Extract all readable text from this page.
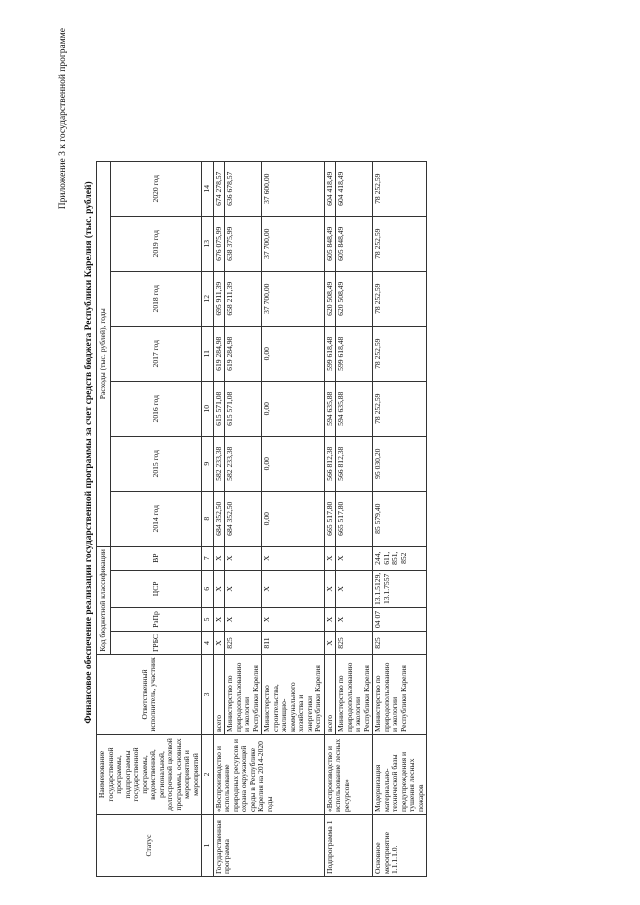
Приложение 3 к государственной программе
Финансовое обеспечение реализации государственной программы за счет средств бюджета Республики Карелия (тыс. рублей)
Статус	Наименование государственной программы, подпрограммы государственной программы, ведомственной, региональной, долгосрочной целевой программы, основных мероприятий и мероприятий	Ответственный исполнитель, участник	Код бюджетной классификации				Расходы (тыс. рублей), годы						
			ГРБС	РзПр	ЦСР	ВР	2014 год	2015 год	2016 год	2017 год	2018 год	2019 год	2020 год

1	2	3	4	5	6	7	8	9	10	11	12	13	14
Государственная программа	«Воспроизводство и использование природных ресурсов и охрана окружающей среды в Республике Карелия на 2014-2020 годы	всего	X	X	X	X	684 352,50	582 233,38	615 571,08	619 284,98	695 911,39	676 075,99	674 278,57
		Министерство по природопользованию и экологии Республики Карелия	825	X	X	X	684 352,50	582 233,38	615 571,08	619 284,98	658 211,39	638 375,99	636 678,57
		Министерство строительства, жилищно-коммунального хозяйства и энергетики Республики Карелия	811	X	X	X	0,00	0,00	0,00	0,00	37 700,00	37 700,00	37 600,00
Подпрограмма 1	«Воспроизводство и использование лесных ресурсов»	всего	X	X	X	X	665 517,80	566 812,38	594 635,88	599 618,48	620 508,49	605 848,49	604 418,49
		Министерство по природопользованию и экологии Республики Карелия	825	X	X	X	665 517,80	566 812,38	594 635,88	599 618,48	620 508,49	605 848,49	604 418,49
Основное мероприятие 1.1.1.1.0.	Модернизация материально-технической базы предупреждения и тушения лесных пожаров	Министерство по природопользованию и экологии Республики Карелия	825	04 07	13.1.5129, 13.1.7557	244, 611, 851, 852	85 579,40	95 030,20	78 252,59	78 252,59	78 252,59	78 252,59	78 252,59
